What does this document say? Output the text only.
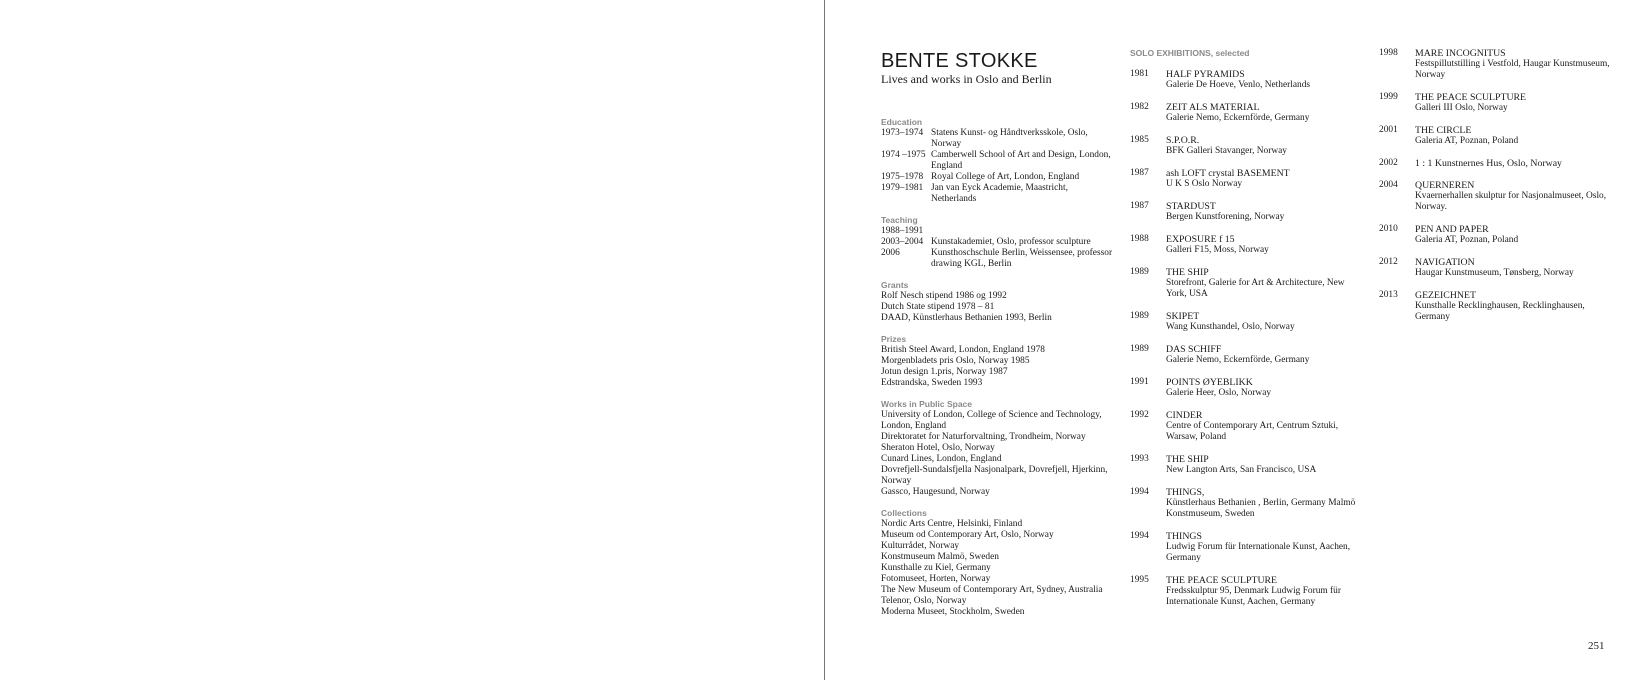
BENTE STOKKE

Lives and works in Oslo and Berlin

Education

1973–1974 Statens Kunst- og Håndtverksskole, Oslo, Norway
1974 –1975 Camberwell School of Art and Design, London, England
1975–1978 Royal College of Art, London, England
1979–1981 Jan van Eyck Academie, Maastricht, Netherlands

Teaching

1988–1991
2003–2004 Kunstakademiet, Oslo, professor sculpture
2006	Kunsthoschschule Berlin, Weissensee, professor drawing KGL, Berlin

Grants

Rolf Nesch stipend 1986 og 1992

Dutch State stipend 1978 – 81

DAAD, Künstlerhaus Bethanien 1993, Berlin

Prizes

British Steel Award, London, England 1978

Morgenbladets pris Oslo, Norway 1985

Jotun design 1.pris, Norway 1987

Edstrandska, Sweden 1993

Works in Public Space

University of London, College of Science and Technology, London, England

Direktoratet for Naturforvaltning, Trondheim, Norway

Sheraton Hotel, Oslo, Norway

Cunard Lines, London, England

Dovrefjell-Sundalsfjella Nasjonalpark, Dovrefjell, Hjerkinn, Norway

Gassco, Haugesund, Norway

Collections

Nordic Arts Centre, Helsinki, Finland

Museum od Contemporary Art, Oslo, Norway

Kulturrådet, Norway

Konstmuseum Malmö, Sweden

Kunsthalle zu Kiel, Germany

Fotomuseet, Horten, Norway

The New Museum of Contemporary Art, Sydney, Australia

Telenor, Oslo, Norway

Moderna Museet, Stockholm, Sweden

SOLO EXHIBITIONS, selected

1981	HALF PYRAMIDS

Galerie De Hoeve, Venlo, Netherlands

1982	ZEIT ALS MATERIAL

Galerie Nemo, Eckernförde, Germany

1985	S.P.O.R.

BFK Galleri Stavanger, Norway

1987	ash LOFT crystal BASEMENT

U K S Oslo Norway

1987	STARDUST

Bergen Kunstforening, Norway

1988	EXPOSURE f 15

Galleri F15, Moss, Norway

1989	THE SHIP

Storefront, Galerie for Art & Architecture, New York, USA

1989	SKIPET

Wang Kunsthandel, Oslo, Norway

1989	DAS SCHIFF

Galerie Nemo, Eckernförde, Germany

1991	POINTS ØYEBLIKK

Galerie Heer, Oslo, Norway

1992	CINDER

Centre of Contemporary Art, Centrum Sztuki, Warsaw, Poland

1993	THE SHIP

New Langton Arts, San Francisco, USA

1994	THINGS,

Künstlerhaus Bethanien , Berlin, Germany Malmö Konstmuseum, Sweden

1994	THINGS

Ludwig Forum für Internationale Kunst, Aachen, Germany

1995	THE PEACE SCULPTURE

Fredsskulptur 95, Denmark Ludwig Forum für Internationale Kunst, Aachen, Germany

1998	MARE INCOGNITUS

Festspillutstilling i Vestfold, Haugar Kunstmuseum, Norway

1999	THE PEACE SCULPTURE

Galleri III Oslo, Norway

2001	THE CIRCLE

Galeria AT, Poznan, Poland

2002	1 : 1 Kunstnernes Hus, Oslo, Norway

2004	QUERNEREN

Kvaernerhallen skulptur for Nasjonalmuseet, Oslo, Norway.

2010	PEN AND PAPER

Galeria AT, Poznan, Poland

2012	NAVIGATION

Haugar Kunstmuseum, Tønsberg, Norway

2013	GEZEICHNET

Kunsthalle Recklinghausen, Recklinghausen, Germany

251
